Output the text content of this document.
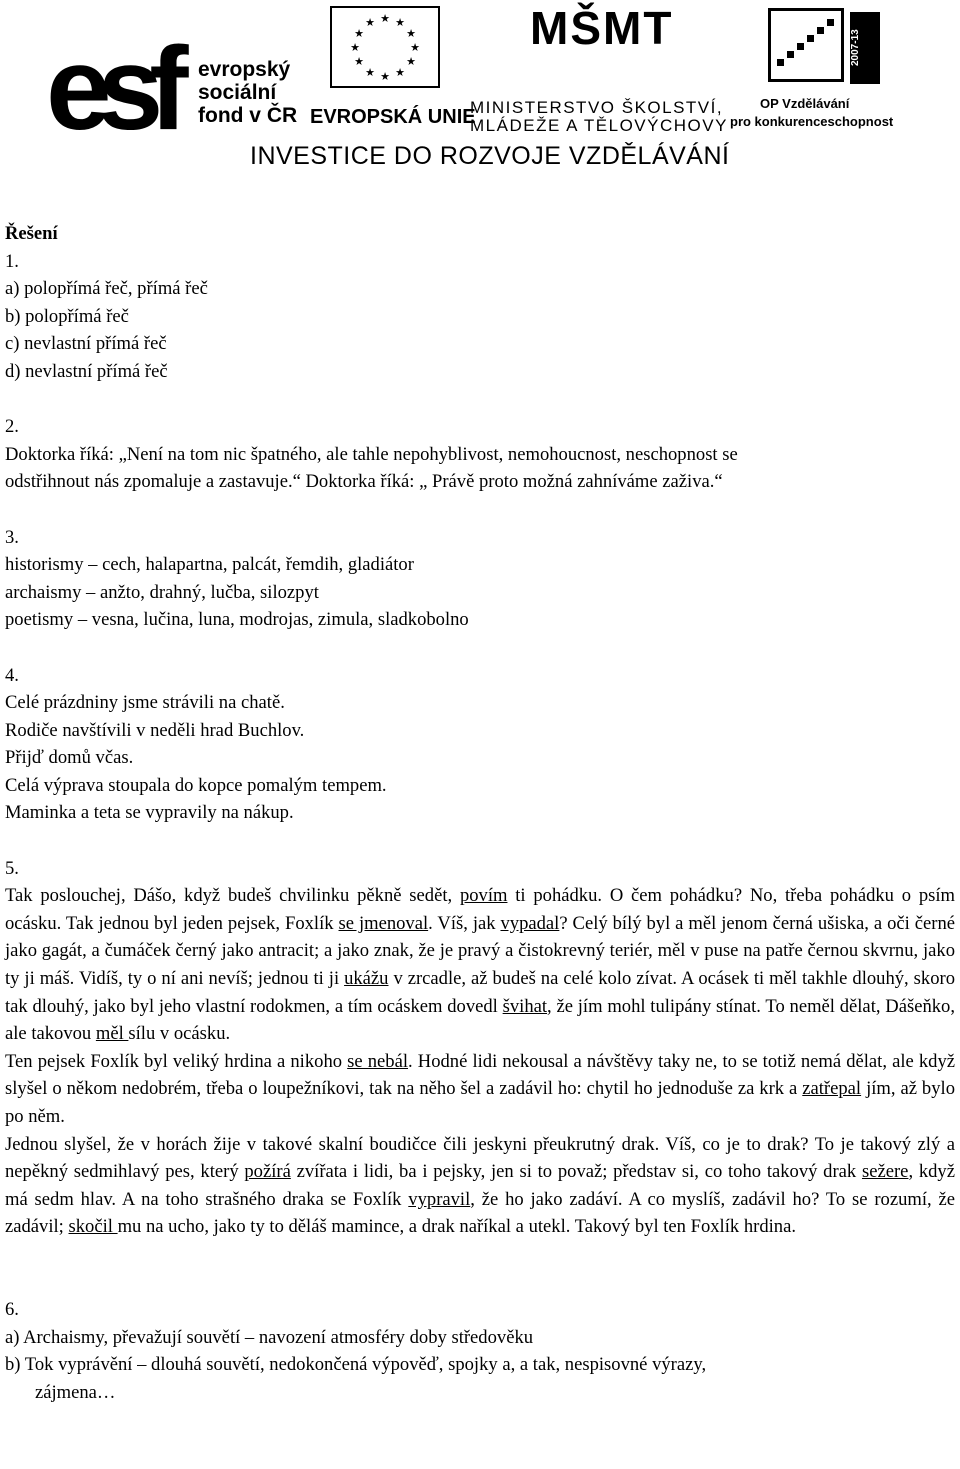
esf evropský
sociální
fond v ČR
★ ★
★
★
★
★
★
★
★
★
★
★
EVROPSKÁ UNIE
MŠMT
MINISTERSTVO ŠKOLSTVÍ,
MLÁDEŽE A TĚLOVÝCHOVY
2007-13
OP Vzdělávání
pro konkurenceschopnost
INVESTICE DO ROZVOJE VZDĚLÁVÁNÍ

Řešení

1.

a) polopřímá řeč, přímá řeč

b) polopřímá řeč

c) nevlastní přímá řeč

d) nevlastní přímá řeč

2.

Doktorka říká: „Není na tom nic špatného, ale tahle nepohyblivost, nemohoucnost, neschopnost se

odstřihnout nás zpomaluje a zastavuje.“ Doktorka říká: „ Právě proto možná zahníváme zaživa.“

3.

historismy – cech, halapartna, palcát, řemdih, gladiátor

archaismy – anžto, drahný, lučba, silozpyt

poetismy – vesna, lučina, luna, modrojas, zimula, sladkobolno

4.

Celé prázdniny jsme strávili na chatě.

Rodiče navštívili v neděli hrad Buchlov.

Přijď domů včas.

Celá výprava stoupala do kopce pomalým tempem.

Maminka a teta se vypravily na nákup.

5.

Tak poslouchej, Dášo, když budeš chvilinku pěkně sedět, povím ti pohádku. O čem pohádku? No, třeba pohádku o psím ocásku. Tak jednou byl jeden pejsek, Foxlík se jmenoval. Víš, jak vypadal? Celý bílý byl a měl jenom černá ušiska, a oči černé jako gagát, a čumáček černý jako antracit; a jako znak, že je pravý a čistokrevný teriér, měl v puse na patře černou skvrnu, jako ty ji máš. Vidíš, ty o ní ani nevíš; jednou ti ji ukážu v zrcadle, až budeš na celé kolo zívat. A ocásek ti měl takhle dlouhý, skoro tak dlouhý, jako byl jeho vlastní rodokmen, a tím ocáskem dovedl švihat, že jím mohl tulipány stínat. To neměl dělat, Dášeňko, ale takovou měl sílu v ocásku.

Ten pejsek Foxlík byl veliký hrdina a nikoho se nebál. Hodné lidi nekousal a návštěvy taky ne, to se totiž nemá dělat, ale když slyšel o někom nedobrém, třeba o loupežníkovi, tak na něho šel a zadávil ho: chytil ho jednoduše za krk a zatřepal jím, až bylo po něm.

Jednou slyšel, že v horách žije v takové skalní boudičce čili jeskyni přeukrutný drak. Víš, co je to drak? To je takový zlý a nepěkný sedmihlavý pes, který požírá zvířata i lidi, ba i pejsky, jen si to považ; představ si, co toho takový drak sežere, když má sedm hlav. A na toho strašného draka se Foxlík vypravil, že ho jako zadáví. A co myslíš, zadávil ho? To se rozumí, že zadávil; skočil mu na ucho, jako ty to děláš mamince, a drak naříkal a utekl. Takový byl ten Foxlík hrdina.

6.

a) Archaismy, převažují souvětí – navození atmosféry doby středověku

b) Tok vyprávění – dlouhá souvětí, nedokončená výpověď, spojky a, a tak, nespisovné výrazy,

zájmena…
